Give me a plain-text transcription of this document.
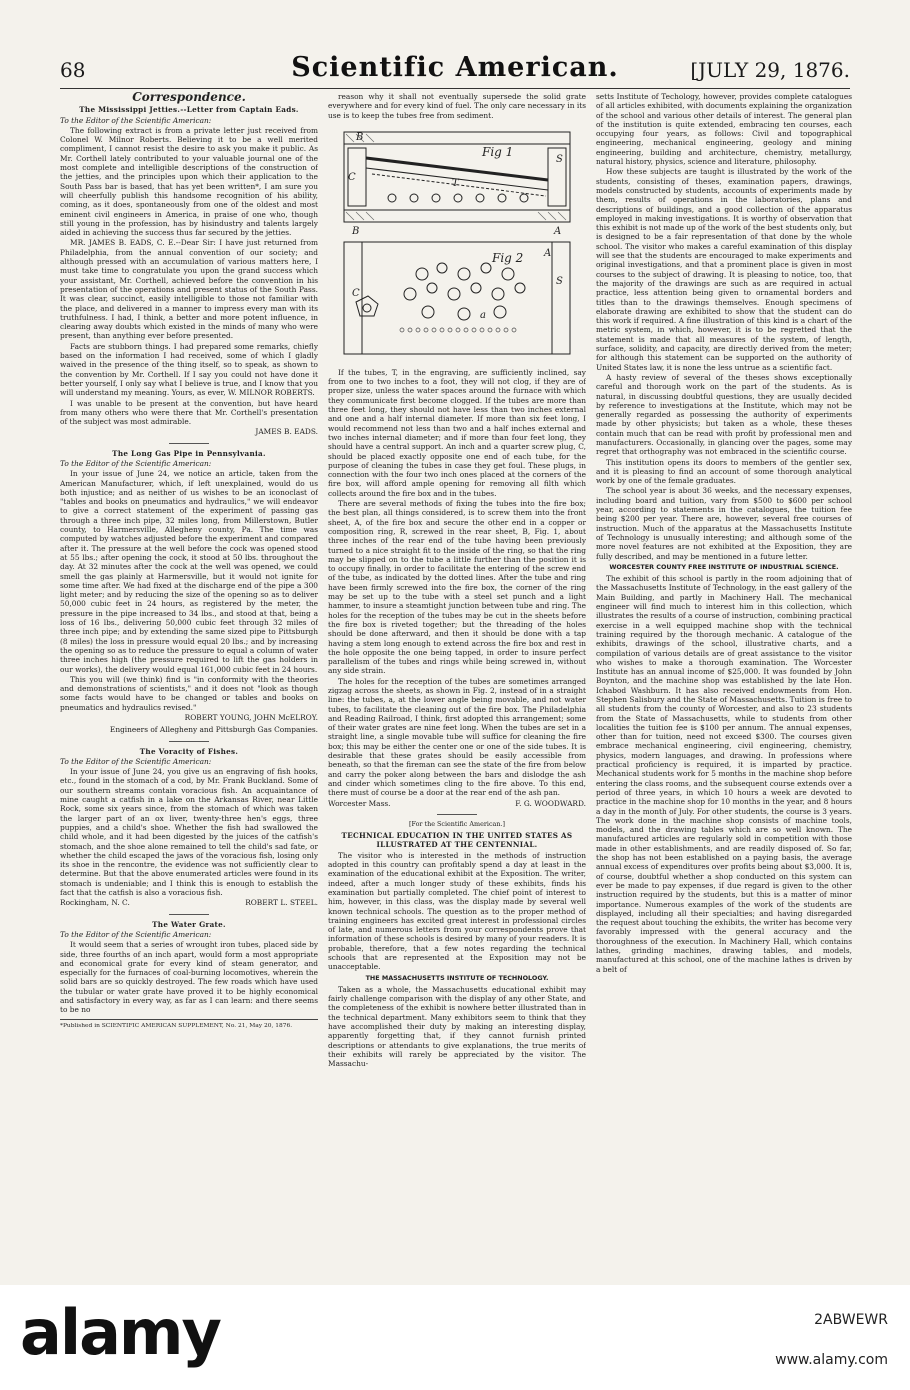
68	Scientific American.	[JULY 29, 1876.
Correspondence.
The Mississippi Jetties.--Letter from Captain Eads.

To the Editor of the Scientific American:

The following extract is from a private letter just received from Colonel W. Milnor Roberts. Believing it to be a well merited compliment, I cannot resist the desire to ask you make it public. As Mr. Corthell lately contributed to your valuable journal one of the most complete and intelligible descriptions of the construction of the jetties, and the principles upon which their application to the South Pass bar is based, that has yet been written*, I am sure you will cheerfully publish this handsome recognition of his ability, coming, as it does, spontaneously from one of the oldest and most eminent civil engineers in America, in praise of one who, though still young in the profession, has by hisindustry and talents largely aided in achieving the success thus far secured by the jetties.

MR. JAMES B. EADS, C. E.--Dear Sir: I have just returned from Philadelphia, from the annual convention of our society; and although pressed with an accumulation of various matters here, I must take time to congratulate you upon the grand success which your assistant, Mr. Corthell, achieved before the convention in his presentation of the operations and present status of the South Pass. It was clear, succinct, easily intelligible to those not familiar with the place, and delivered in a manner to impress every man with its truthfulness. I had, I think, a better and more potent influence, in clearing away doubts which existed in the minds of many who were present, than anything ever before presented.

Facts are stubborn things. I had prepared some remarks, chiefly based on the information I had received, some of which I gladly waived in the presence of the thing itself, so to speak, as shown to the convention by Mr. Corthell. If I say you could not have done it better yourself, I only say what I believe is true, and I know that you will understand my meaning. Yours, as ever, W. MILNOR ROBERTS.

I was unable to be present at the convention, but have heard from many others who were there that Mr. Corthell's presentation of the subject was most admirable.

JAMES B. EADS.

The Long Gas Pipe in Pennsylvania.

To the Editor of the Scientific American:

In your issue of June 24, we notice an article, taken from the American Manufacturer, which, if left unexplained, would do us both injustice; and as neither of us wishes to be an iconoclast of "tables and books on pneumatics and hydraulics," we will endeavor to give a correct statement of the experiment of passing gas through a three inch pipe, 32 miles long, from Millerstown, Butler county, to Harmersville, Allegheny county, Pa. The time was computed by watches adjusted before the experiment and compared after it. The pressure at the well before the cock was opened stood at 55 lbs.; after opening the cock, it stood at 50 lbs. throughout the day. At 32 minutes after the cock at the well was opened, we could smell the gas plainly at Harmersville, but it would not ignite for some time after. We had fixed at the discharge end of the pipe a 300 light meter; and by reducing the size of the opening so as to deliver 50,000 cubic feet in 24 hours, as registered by the meter, the pressure in the pipe increased to 34 lbs., and stood at that, being a loss of 16 lbs., delivering 50,000 cubic feet through 32 miles of three inch pipe; and by extending the same sized pipe to Pittsburgh (8 miles) the loss in pressure would equal 20 lbs.; and by increasing the opening so as to reduce the pressure to equal a column of water three inches high (the pressure required to lift the gas holders in our works), the delivery would equal 161,000 cubic feet in 24 hours.

This you will (we think) find is "in conformity with the theories and demonstrations of scientists," and it does not "look as though some facts would have to be changed or tables and books on pneumatics and hydraulics revised."

ROBERT YOUNG, JOHN McELROY.

Engineers of Allegheny and Pittsburgh Gas Companies.

The Voracity of Fishes.

To the Editor of the Scientific American:

In your issue of June 24, you give us an engraving of fish hooks, etc., found in the stomach of a cod, by Mr. Frank Buckland. Some of our southern streams contain voracious fish. An acquaintance of mine caught a catfish in a lake on the Arkansas River, near Little Rock, some six years since, from the stomach of which was taken the larger part of an ox liver, twenty-three hen's eggs, three puppies, and a child's shoe. Whether the fish had swallowed the child whole, and it had been digested by the juices of the catfish's stomach, and the shoe alone remained to tell the child's sad fate, or whether the child escaped the jaws of the voracious fish, losing only its shoe in the rencontre, the evidence was not sufficiently clear to determine. But that the above enumerated articles were found in its stomach is undeniable; and I think this is enough to establish the fact that the catfish is also a voracious fish.

Rockingham, N. C.	ROBERT L. STEEL.
The Water Grate.

To the Editor of the Scientific American:

It would seem that a series of wrought iron tubes, placed side by side, three fourths of an inch apart, would form a most appropriate and economical grate for every kind of steam generator, and especially for the furnaces of coal-burning locomotives, wherein the solid bars are so quickly destroyed. The few roads which have used the tubular or water grate have proved it to be highly economical and satisfactory in every way, as far as I can learn: and there seems to be no

*Published in SCIENTIFIC AMERICAN SUPPLEMENT, No. 21, May 20, 1876.

reason why it shall not eventually supersede the solid grate everywhere and for every kind of fuel. The only care necessary in its use is to keep the tubes free from sediment.

Fig 1
Fig 2
B
C
S
T
A
B
S
A
C
a

If the tubes, T, in the engraving, are sufficiently inclined, say from one to two inches to a foot, they will not clog, if they are of proper size, unless the water spaces around the furnace with which they communicate first become clogged. If the tubes are more than three feet long, they should not have less than two inches external and one and a half internal diameter. If more than six feet long, I would recommend not less than two and a half inches external and two inches internal diameter; and if more than four feet long, they should have a central support. An inch and a quarter screw plug, C, should be placed exactly opposite one end of each tube, for the purpose of cleaning the tubes in case they get foul. These plugs, in connection with the four two inch ones placed at the corners of the fire box, will afford ample opening for removing all filth which collects around the fire box and in the tubes.

There are several methods of fixing the tubes into the fire box; the best plan, all things considered, is to screw them into the front sheet, A, of the fire box and secure the other end in a copper or composition ring, R, screwed in the rear sheet, B, Fig. 1, about three inches of the rear end of the tube having been previously turned to a nice straight fit to the inside of the ring, so that the ring may be slipped on to the tube a little further than the position it is to occupy finally, in order to facilitate the entering of the screw end of the tube, as indicated by the dotted lines. After the tube and ring have been firmly screwed into the fire box, the corner of the ring may be set up to the tube with a steel set punch and a light hammer, to insure a steamtight junction between tube and ring. The holes for the reception of the tubes may be cut in the sheets before the fire box is riveted together; but the threading of the holes should be done afterward, and then it should be done with a tap having a stem long enough to extend across the fire box and rest in the hole opposite the one being tapped, in order to insure perfect parallelism of the tubes and rings while being screwed in, without any side strain.

The holes for the reception of the tubes are sometimes arranged zigzag across the sheets, as shown in Fig. 2, instead of in a straight line: the tubes, a, at the lower angle being movable, and not water tubes, to facilitate the cleaning out of the fire box. The Philadelphia and Reading Railroad, I think, first adopted this arrangement; some of their water grates are nine feet long. When the tubes are set in a straight line, a single movable tube will suffice for cleaning the fire box; this may be either the center one or one of the side tubes. It is desirable that these grates should be easily accessible from beneath, so that the fireman can see the state of the fire from below and carry the poker along between the bars and dislodge the ash and cinder which sometimes cling to the fire above. To this end, there must of course be a door at the rear end of the ash pan.

Worcester Mass.	F. G. WOODWARD.

[For the Scientific American.]

TECHNICAL EDUCATION IN THE UNITED STATES AS ILLUSTRATED AT THE CENTENNIAL.

The visitor who is interested in the methods of instruction adopted in this country can profitably spend a day at least in the examination of the educational exhibit at the Exposition. The writer, indeed, after a much longer study of these exhibits, finds his examination but partially completed. The chief point of interest to him, however, in this class, was the display made by several well known technical schools. The question as to the proper method of training engineers has excited great interest in professional circles of late, and numerous letters from your correspondents prove that information of these schools is desired by many of your readers. It is probable, therefore, that a few notes regarding the technical schools that are represented at the Exposition may not be unacceptable.

THE MASSACHUSETTS INSTITUTE OF TECHNOLOGY.

Taken as a whole, the Massachusetts educational exhibit may fairly challenge comparison with the display of any other State, and the completeness of the exhibit is nowhere better illustrated than in the technical department. Many exhibitors seem to think that they have accomplished their duty by making an interesting display, apparently forgetting that, if they cannot furnish printed descriptions or attendants to give explanations, the true merits of their exhibits will rarely be appreciated by the visitor. The Massachu-

setts Institute of Techology, however, provides complete catalogues of all articles exhibited, with documents explaining the organization of the school and various other details of interest. The general plan of the institution is quite extended, embracing ten courses, each occupying four years, as follows: Civil and topographical engineering, mechanical engineering, geology and mining engineering, building and architecture, chemistry, metallurgy, natural history, physics, science and literature, philosophy.

How these subjects are taught is illustrated by the work of the students, consisting of theses, examination papers, drawings, models constructed by students, accounts of experiments made by them, results of operations in the laboratories, plans and descriptions of buildings, and a good collection of the apparatus employed in making investigations. It is worthy of observation that this exhibit is not made up of the work of the best students only, but is designed to be a fair representation of that done by the whole school. The visitor who makes a careful examination of this display will see that the students are encouraged to make experiments and original investigations, and that a prominent place is given in most courses to the subject of drawing. It is pleasing to notice, too, that the majority of the drawings are such as are required in actual practice, less attention being given to ornamental borders and titles than to the drawings themselves. Enough specimens of elaborate drawing are exhibited to show that the student can do this work if required. A fine illustration of this kind is a chart of the metric system, in which, however, it is to be regretted that the statement is made that all measures of the system, of length, surface, solidity, and capacity, are directly derived from the meter; for although this statement can be supported on the authority of United States law, it is none the less untrue as a scientific fact.

A hasty review of several of the theses shows exceptionally careful and thorough work on the part of the students. As is natural, in discussing doubtful questions, they are usually decided by reference to investigations at the Institute, which may not be generally regarded as possessing the authority of experiments made by other physicists; but taken as a whole, these theses contain much that can be read with profit by professional men and manufacturers. Occasionally, in glancing over the pages, some may regret that orthography was not embraced in the scientific course.

This institution opens its doors to members of the gentler sex, and it is pleasing to find an account of some thorough analytical work by one of the female graduates.

The school year is about 36 weeks, and the necessary expenses, including board and tuition, vary from $500 to $600 per school year, according to statements in the catalogues, the tuition fee being $200 per year. There are, however, several free courses of instruction. Much of the apparatus at the Massachusetts Institute of Technology is unusually interesting; and although some of the more novel features are not exhibited at the Exposition, they are fully described, and may be mentioned in a future letter.

WORCESTER COUNTY FREE INSTITUTE OF INDUSTRIAL SCIENCE.

The exhibit of this school is partly in the room adjoining that of the Massachusetts Institute of Technology, in the east gallery of the Main Building, and partly in Machinery Hall. The mechanical engineer will find much to interest him in this collection, which illustrates the results of a course of instruction, combining practical exercise in a well equipped machine shop with the technical training required by the thorough mechanic. A catalogue of the exhibits, drawings of the school, illustrative charts, and a compilation of various details are of great assistance to the visitor who wishes to make a thorough examination. The Worcester Institute has an annual income of $25,000. It was founded by John Boynton, and the machine shop was established by the late Hon. Ichabod Washburn. It has also received endowments from Hon. Stephen Salisbury and the State of Massachusetts. Tuition is free to all students from the county of Worcester, and also to 23 students from the State of Massachusetts, while to students from other localities the tuition fee is $100 per annum. The annual expenses, other than for tuition, need not exceed $300. The courses given embrace mechanical engineering, civil engineering, chemistry, physics, modern languages, and drawing. In professions where practical proficiency is required, it is imparted by practice. Mechanical students work for 5 months in the machine shop before entering the class rooms, and the subsequent course extends over a period of three years, in which 10 hours a week are devoted to practice in the machine shop for 10 months in the year, and 8 hours a day in the month of July. For other students, the course is 3 years. The work done in the machine shop consists of machine tools, models, and the drawing tables which are so well known. The manufactured articles are regularly sold in competition with those made in other establishments, and are readily disposed of. So far, the shop has not been established on a paying basis, the average annual excess of expenditures over profits being about $3,000. It is, of course, doubtful whether a shop conducted on this system can ever be made to pay expenses, if due regard is given to the other instruction required by the students, but this is a matter of minor importance. Numerous examples of the work of the students are displayed, including all their specialties; and having disregarded the request about touching the exhibits, the writer has become very favorably impressed with the general accuracy and the thoroughness of the execution. In Machinery Hall, which contains lathes, grinding machines, drawing tables, and models, manufactured at this school, one of the machine lathes is driven by a belt of

alamy	2ABWEWR
www.alamy.com
